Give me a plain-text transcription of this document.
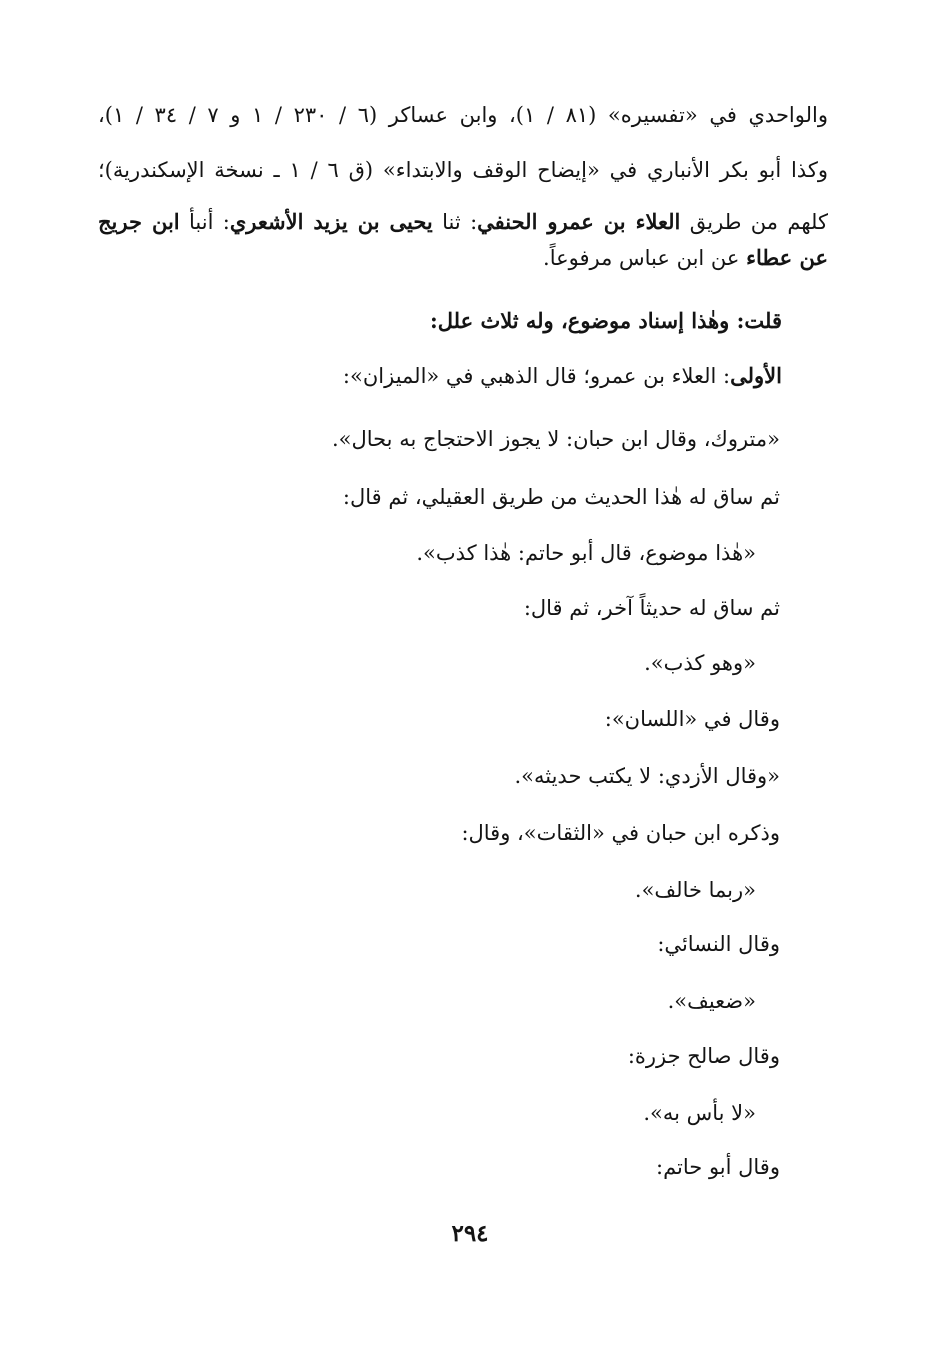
والواحدي في «تفسيره» (٨١ / ١)، وابن عساكر (٦ / ٢٣٠ / ١ و ٧ / ٣٤ / ١)،
وكذا أبو بكر الأنباري في «إيضاح الوقف والابتداء» (ق ٦ / ١ ـ نسخة الإسكندرية)؛
كلهم من طريق العلاء بن عمرو الحنفي: ثنا يحيى بن يزيد الأشعري: أنبأ ابن جريج
عن عطاء عن ابن عباس مرفوعاً.
قلت: وهٰذا إسناد موضوع، وله ثلاث علل:
الأولى: العلاء بن عمرو؛ قال الذهبي في «الميزان»:
«متروك، وقال ابن حبان: لا يجوز الاحتجاج به بحال».
ثم ساق له هٰذا الحديث من طريق العقيلي، ثم قال:
«هٰذا موضوع، قال أبو حاتم: هٰذا كذب».
ثم ساق له حديثاً آخر، ثم قال:
«وهو كذب».
وقال في «اللسان»:
«وقال الأزدي: لا يكتب حديثه».
وذكره ابن حبان في «الثقات»، وقال:
«ربما خالف».
وقال النسائي:
«ضعيف».
وقال صالح جزرة:
«لا بأس به».
وقال أبو حاتم:
٢٩٤
